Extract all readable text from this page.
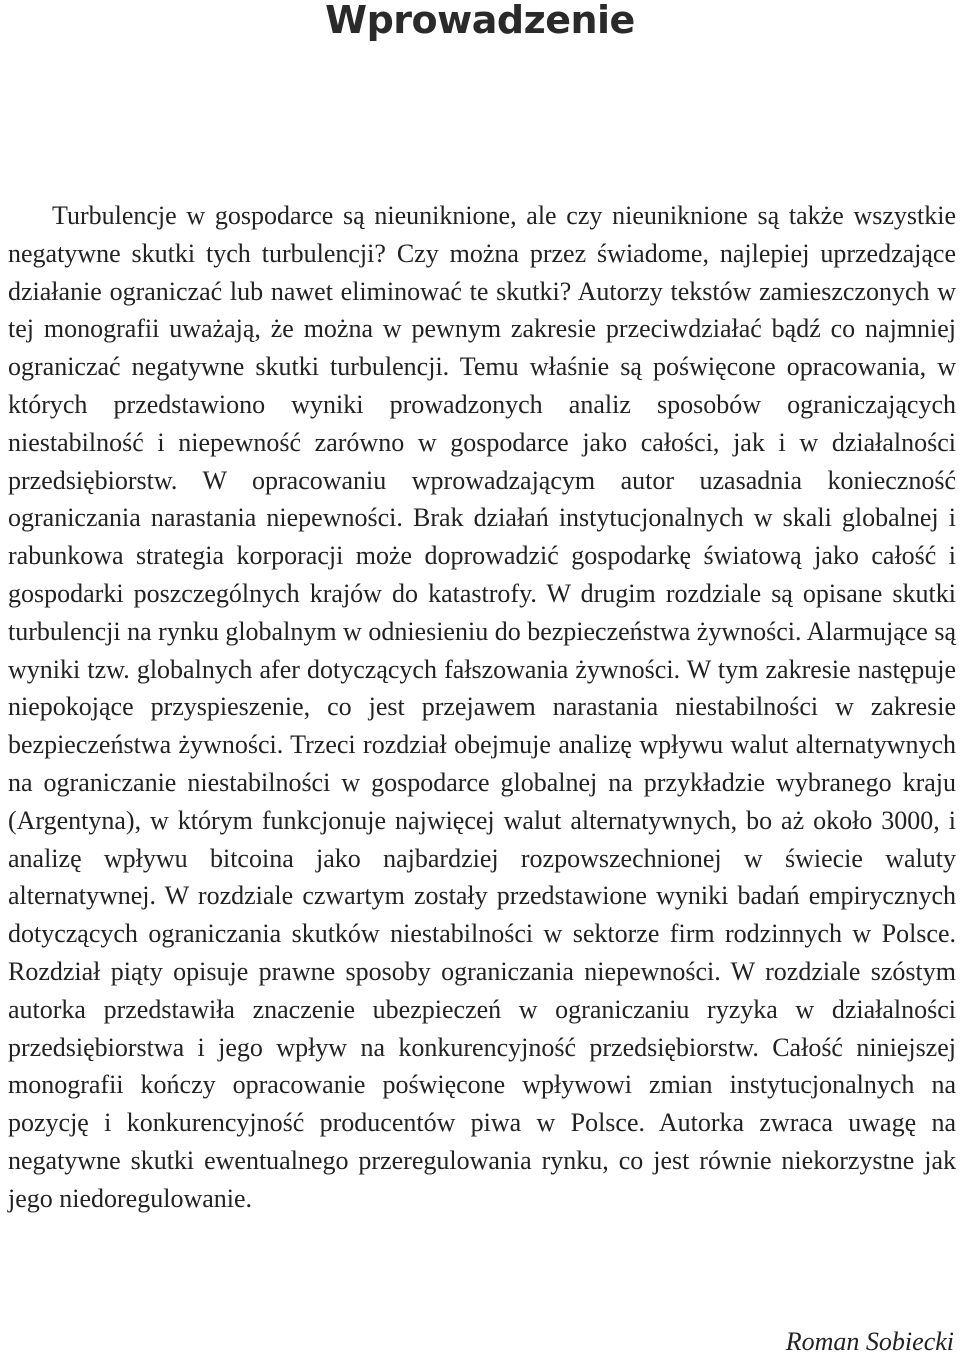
Wprowadzenie

Turbulencje w gospodarce są nieuniknione, ale czy nieuniknione są także wszystkie negatywne skutki tych turbulencji? Czy można przez świadome, najlepiej uprzedzające działanie ograniczać lub nawet eliminować te skutki? Autorzy tekstów zamieszczonych w tej monografii uważają, że można w pewnym zakresie przeciwdziałać bądź co najmniej ograniczać negatywne skutki turbulencji. Temu właśnie są poświęcone opracowania, w których przedstawiono wyniki prowadzonych analiz sposobów ograniczających niestabilność i niepewność zarówno w gospodarce jako całości, jak i w działalności przedsiębiorstw. W opracowaniu wprowadzającym autor uzasadnia konieczność ograniczania narastania niepewności. Brak działań instytucjonalnych w skali globalnej i rabunkowa strategia korporacji może doprowadzić gospodarkę światową jako całość i gospodarki poszczególnych krajów do katastrofy. W drugim rozdziale są opisane skutki turbulencji na rynku globalnym w odniesieniu do bezpieczeństwa żywności. Alarmujące są wyniki tzw. globalnych afer dotyczących fałszowania żywności. W tym zakresie następuje niepokojące przyspieszenie, co jest przejawem narastania niestabilności w zakresie bezpieczeństwa żywności. Trzeci rozdział obejmuje analizę wpływu walut alternatywnych na ograniczanie niestabilności w gospodarce globalnej na przykładzie wybranego kraju (Argentyna), w którym funkcjonuje najwięcej walut alternatywnych, bo aż około 3000, i analizę wpływu bitcoina jako najbardziej rozpowszechnionej w świecie waluty alternatywnej. W rozdziale czwartym zostały przedstawione wyniki badań empirycznych dotyczących ograniczania skutków niestabilności w sektorze firm rodzinnych w Polsce. Rozdział piąty opisuje prawne sposoby ograniczania niepewności. W rozdziale szóstym autorka przedstawiła znaczenie ubezpieczeń w ograniczaniu ryzyka w działalności przedsiębiorstwa i jego wpływ na konkurencyjność przedsiębiorstw. Całość niniejszej monografii kończy opracowanie poświęcone wpływowi zmian instytucjonalnych na pozycję i konkurencyjność producentów piwa w Polsce. Autorka zwraca uwagę na negatywne skutki ewentualnego przeregulowania rynku, co jest równie niekorzystne jak jego niedoregulowanie.

Roman Sobiecki
